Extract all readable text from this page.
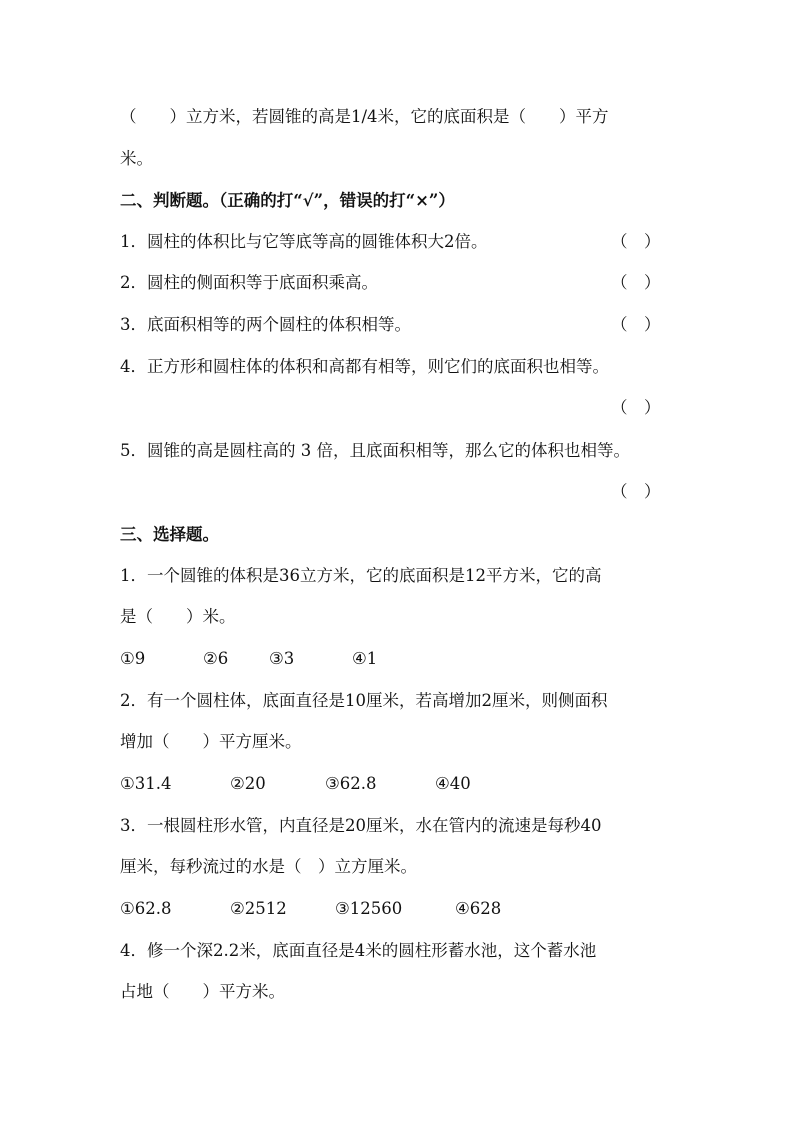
（　　）立方米，若圆锥的高是1/4米，它的底面积是（　　）平方
米。
二、判断题。（正确的打“√”，错误的打“×”）
1．圆柱的体积比与它等底等高的圆锥体积大2倍。	（　）
2．圆柱的侧面积等于底面积乘高。	（　）
3．底面积相等的两个圆柱的体积相等。	（　）
4．正方形和圆柱体的体积和高都有相等，则它们的底面积也相等。
（　）
5．圆锥的高是圆柱高的 3 倍，且底面积相等，那么它的体积也相等。
（　）
三、选择题。
1．一个圆锥的体积是36立方米，它的底面积是12平方米，它的高
是（　　）米。
①9	②6 ③3	④1
2．有一个圆柱体，底面直径是10厘米，若高增加2厘米，则侧面积
增加（　　）平方厘米。
①31.4	②20	③62.8	④40
3．一根圆柱形水管，内直径是20厘米，水在管内的流速是每秒40
厘米，每秒流过的水是（　）立方厘米。
①62.8	②2512	③12560	④628
4．修一个深2.2米，底面直径是4米的圆柱形蓄水池，这个蓄水池
占地（　　）平方米。
